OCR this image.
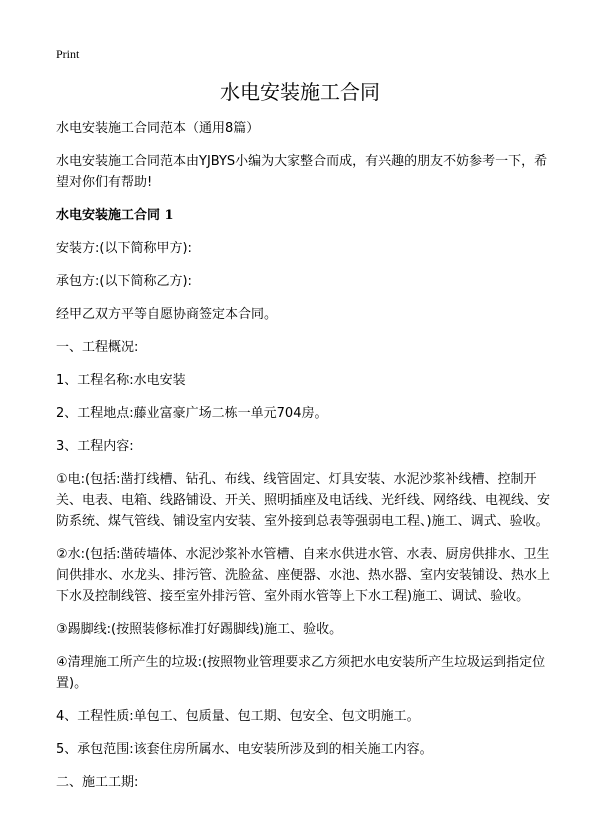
Print
水电安装施工合同

水电安装施工合同范本（通用8篇）

水电安装施工合同范本由YJBYS小编为大家整合而成，有兴趣的朋友不妨参考一下，希望对你们有帮助!

水电安装施工合同 1

安装方:(以下简称甲方):

承包方:(以下简称乙方):

经甲乙双方平等自愿协商签定本合同。

一、工程概况:

1、工程名称:水电安装

2、工程地点:藤业富豪广场二栋一单元704房。

3、工程内容:

①电:(包括:凿打线槽、钻孔、布线、线管固定、灯具安装、水泥沙浆补线槽、控制开关、电表、电箱、线路铺设、开关、照明插座及电话线、光纤线、网络线、电视线、安防系统、煤气管线、铺设室内安装、室外接到总表等强弱电工程、)施工、调式、验收。

②水:(包括:凿砖墙体、水泥沙浆补水管槽、自来水供进水管、水表、厨房供排水、卫生间供排水、水龙头、排污管、洗脸盆、座便器、水池、热水器、室内安装铺设、热水上下水及控制线管、接至室外排污管、室外雨水管等上下水工程)施工、调试、验收。

③踢脚线:(按照装修标准打好踢脚线)施工、验收。

④清理施工所产生的垃圾:(按照物业管理要求乙方须把水电安装所产生垃圾运到指定位置)。

4、工程性质:单包工、包质量、包工期、包安全、包文明施工。

5、承包范围:该套住房所属水、电安装所涉及到的相关施工内容。

二、施工工期:
